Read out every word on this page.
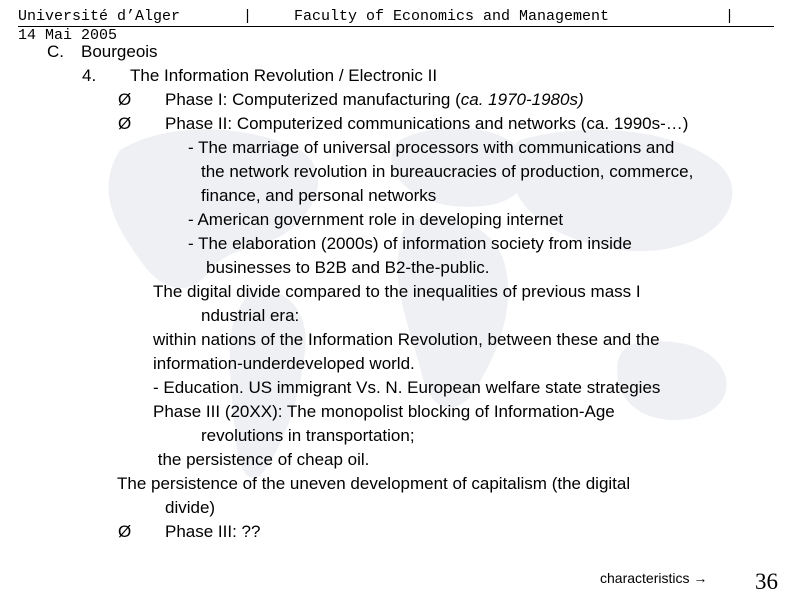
Université d’Alger	|	Faculty of Economics and Management	|
14 Mai 2005
C. Bourgeois
4. The Information Revolution / Electronic II
Ø Phase I: Computerized manufacturing (ca. 1970-1980s)
Ø Phase II: Computerized communications and networks (ca. 1990s-…)
- The marriage of universal processors with communications and
the network revolution in bureaucracies of production, commerce,
finance, and personal networks
- American government role in developing internet
- The elaboration (2000s) of information society from inside
businesses to B2B and B2-the-public.
The digital divide compared to the inequalities of previous mass I
ndustrial era:
within nations of the Information Revolution, between these and the
information-underdeveloped world.
- Education. US immigrant Vs. N. European welfare state strategies
Phase III (20XX): The monopolist blocking of Information-Age
revolutions in transportation;
the persistence of cheap oil.
The persistence of the uneven development of capitalism (the digital
divide)
Ø Phase III: ??
characteristics → 36
